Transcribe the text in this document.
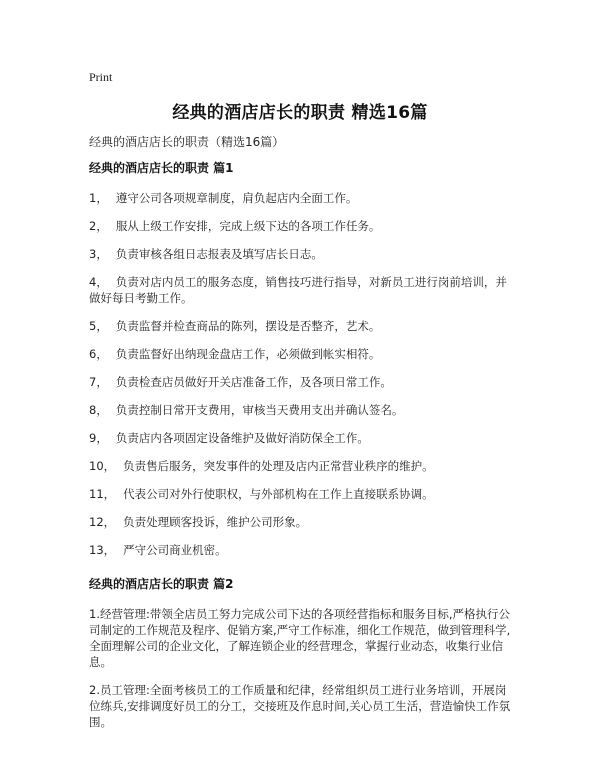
Print
经典的酒店店长的职责 精选16篇
经典的酒店店长的职责（精选16篇）
经典的酒店店长的职责 篇1
1， 遵守公司各项规章制度，肩负起店内全面工作。
2， 服从上级工作安排，完成上级下达的各项工作任务。
3， 负责审核各组日志报表及填写店长日志。
4， 负责对店内员工的服务态度，销售技巧进行指导，对新员工进行岗前培训，并做好每日考勤工作。
5， 负责监督并检查商品的陈列，摆设是否整齐，艺术。
6， 负责监督好出纳现金盘店工作，必须做到帐实相符。
7， 负责检查店员做好开关店准备工作，及各项日常工作。
8， 负责控制日常开支费用，审核当天费用支出并确认签名。
9， 负责店内各项固定设备维护及做好消防保全工作。
10， 负责售后服务，突发事件的处理及店内正常营业秩序的维护。
11， 代表公司对外行使职权，与外部机构在工作上直接联系协调。
12， 负责处理顾客投诉，维护公司形象。
13， 严守公司商业机密。
经典的酒店店长的职责 篇2
1.经营管理:带领全店员工努力完成公司下达的各项经营指标和服务目标,严格执行公司制定的工作规范及程序、促销方案,严守工作标准，细化工作规范，做到管理科学,全面理解公司的企业文化，了解连锁企业的经营理念，掌握行业动态，收集行业信息。
2.员工管理:全面考核员工的工作质量和纪律，经常组织员工进行业务培训，开展岗位练兵,安排调度好员工的分工，交接班及作息时间,关心员工生活，营造愉快工作氛围。
